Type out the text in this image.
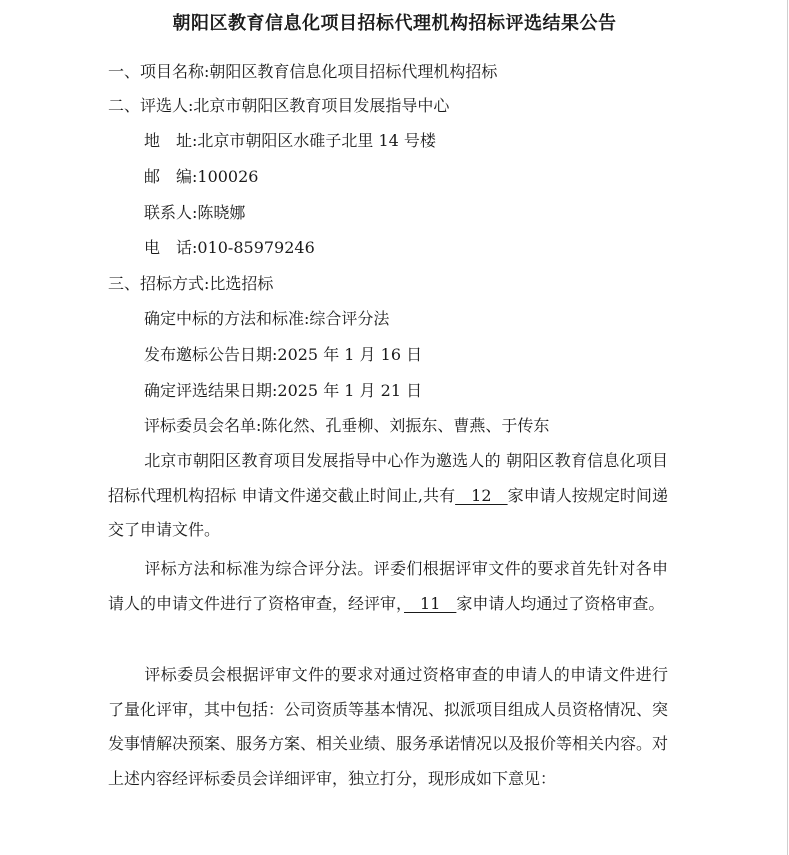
朝阳区教育信息化项目招标代理机构招标评选结果公告
一、项目名称:朝阳区教育信息化项目招标代理机构招标
二、评选人:北京市朝阳区教育项目发展指导中心
地　址:北京市朝阳区水碓子北里 14 号楼
邮　编:100026
联系人:陈晓娜
电　话:010-85979246
三、招标方式:比选招标
确定中标的方法和标准:综合评分法
发布邀标公告日期:2025 年 1 月 16 日
确定评选结果日期:2025 年 1 月 21 日
评标委员会名单:陈化然、孔垂柳、刘振东、曹燕、于传东
北京市朝阳区教育项目发展指导中心作为邀选人的 朝阳区教育信息化项目招标代理机构招标 申请文件递交截止时间止,共有　12　家申请人按规定时间递交了申请文件。
评标方法和标准为综合评分法。评委们根据评审文件的要求首先针对各申请人的申请文件进行了资格审查，经评审，　11　家申请人均通过了资格审查。
评标委员会根据评审文件的要求对通过资格审查的申请人的申请文件进行了量化评审，其中包括：公司资质等基本情况、拟派项目组成人员资格情况、突发事情解决预案、服务方案、相关业绩、服务承诺情况以及报价等相关内容。对上述内容经评标委员会详细评审，独立打分，现形成如下意见：
